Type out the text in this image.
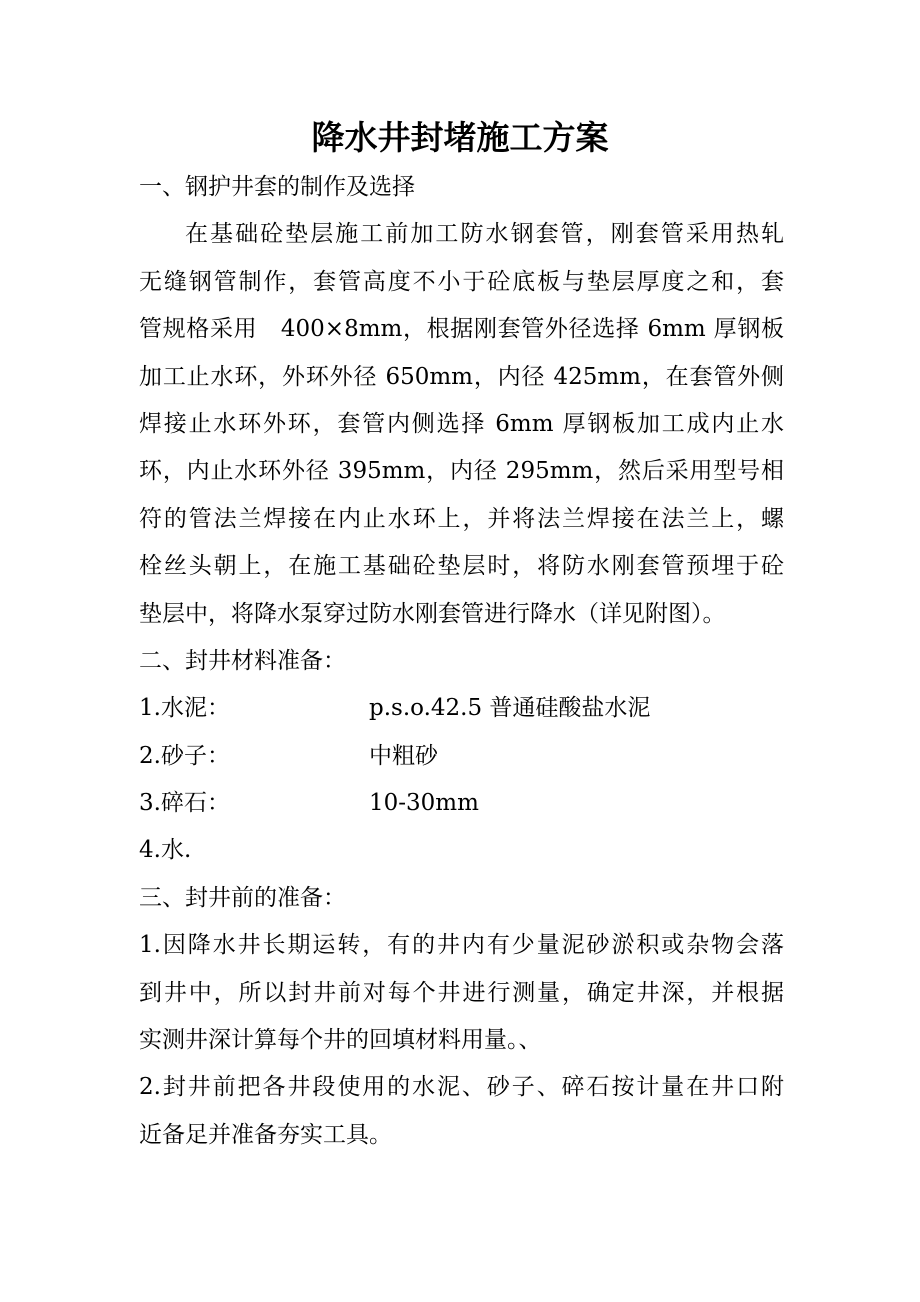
降水井封堵施工方案
一、钢护井套的制作及选择
在基础砼垫层施工前加工防水钢套管，刚套管采用热轧
无缝钢管制作，套管高度不小于砼底板与垫层厚度之和，套
管规格采用　400×8mm，根据刚套管外径选择 6mm 厚钢板
加工止水环，外环外径 650mm，内径 425mm，在套管外侧
焊接止水环外环，套管内侧选择 6mm 厚钢板加工成内止水
环，内止水环外径 395mm，内径 295mm，然后采用型号相
符的管法兰焊接在内止水环上，并将法兰焊接在法兰上，螺
栓丝头朝上，在施工基础砼垫层时，将防水刚套管预埋于砼
垫层中，将降水泵穿过防水刚套管进行降水（详见附图）。
二、封井材料准备：
1.水泥：	p.s.o.42.5 普通硅酸盐水泥
2.砂子：	中粗砂
3.碎石：	10-30mm
4.水.
三、封井前的准备：
1.因降水井长期运转，有的井内有少量泥砂淤积或杂物会落
到井中，所以封井前对每个井进行测量，确定井深，并根据
实测井深计算每个井的回填材料用量。、
2.封井前把各井段使用的水泥、砂子、碎石按计量在井口附
近备足并准备夯实工具。
